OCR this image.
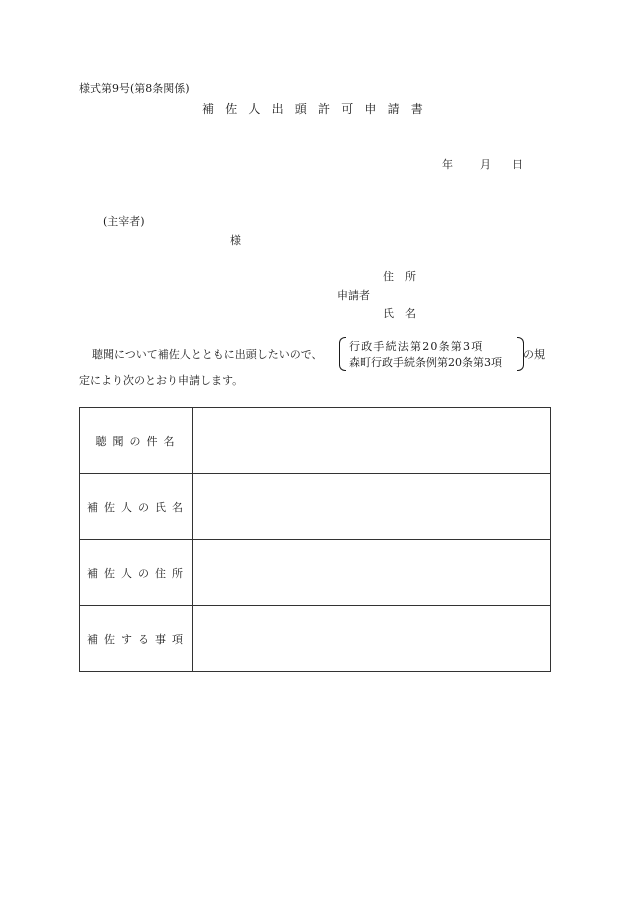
様式第9号(第8条関係)
補佐人出頭許可申請書
年 月 日
(主宰者)
様
住　所
申請者
氏　名
聴聞について補佐人とともに出頭したいので、
行政手続法第20条第3項
森町行政手続条例第20条第3項
の規
定により次のとおり申請します。
聴聞の件名	
補佐人の氏名	
補佐人の住所	
補佐する事項	
